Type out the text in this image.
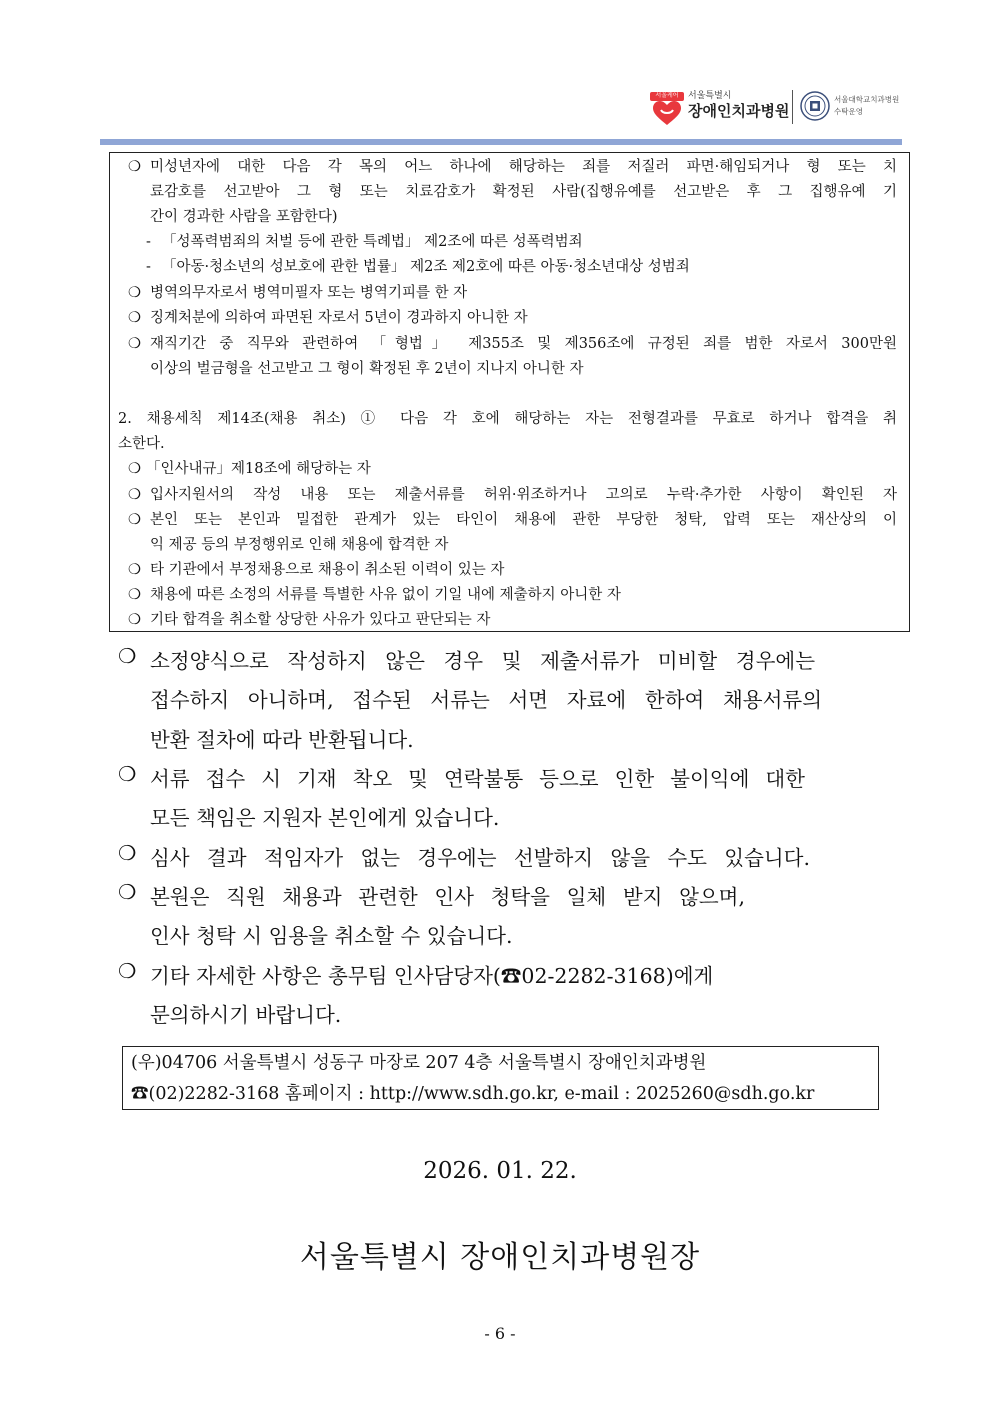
서울케어	서울특별시
장애인치과병원
서울대학교치과병원
수탁운영
❍ 미성년자에 대한 다음 각 목의 어느 하나에 해당하는 죄를 저질러 파면·해임되거나 형 또는 치
료감호를 선고받아 그 형 또는 치료감호가 확정된 사람(집행유예를 선고받은 후 그 집행유예 기
간이 경과한 사람을 포함한다)
- 「성폭력범죄의 처벌 등에 관한 특례법」 제2조에 따른 성폭력범죄
- 「아동·청소년의 성보호에 관한 법률」 제2조 제2호에 따른 아동·청소년대상 성범죄
❍ 병역의무자로서 병역미필자 또는 병역기피를 한 자
❍ 징계처분에 의하여 파면된 자로서 5년이 경과하지 아니한 자
❍ 재직기간 중 직무와 관련하여 「형법」 제355조 및 제356조에 규정된 죄를 범한 자로서 300만원
이상의 벌금형을 선고받고 그 형이 확정된 후 2년이 지나지 아니한 자
2. 채용세칙 제14조(채용 취소) ① 다음 각 호에 해당하는 자는 전형결과를 무효로 하거나 합격을 취
소한다.
❍ 「인사내규」제18조에 해당하는 자
❍ 입사지원서의 작성 내용 또는 제출서류를 허위·위조하거나 고의로 누락·추가한 사항이 확인된 자
❍ 본인 또는 본인과 밀접한 관계가 있는 타인이 채용에 관한 부당한 청탁, 압력 또는 재산상의 이
익 제공 등의 부정행위로 인해 채용에 합격한 자
❍ 타 기관에서 부정채용으로 채용이 취소된 이력이 있는 자
❍ 채용에 따른 소정의 서류를 특별한 사유 없이 기일 내에 제출하지 아니한 자
❍ 기타 합격을 취소할 상당한 사유가 있다고 판단되는 자
❍ 소정양식으로 작성하지 않은 경우 및 제출서류가 미비할 경우에는
접수하지 아니하며, 접수된 서류는 서면 자료에 한하여 채용서류의
반환 절차에 따라 반환됩니다.
❍ 서류 접수 시 기재 착오 및 연락불통 등으로 인한 불이익에 대한
모든 책임은 지원자 본인에게 있습니다.
❍ 심사 결과 적임자가 없는 경우에는 선발하지 않을 수도 있습니다.
❍ 본원은 직원 채용과 관련한 인사 청탁을 일체 받지 않으며,
인사 청탁 시 임용을 취소할 수 있습니다.
❍ 기타 자세한 사항은 총무팀 인사담당자(☎02-2282-3168)에게
문의하시기 바랍니다.
(우)04706 서울특별시 성동구 마장로 207 4층 서울특별시 장애인치과병원
☎(02)2282-3168 홈페이지 : http://www.sdh.go.kr, e-mail : 2025260@sdh.go.kr
2026. 01. 22.
서울특별시 장애인치과병원장
- 6 -
